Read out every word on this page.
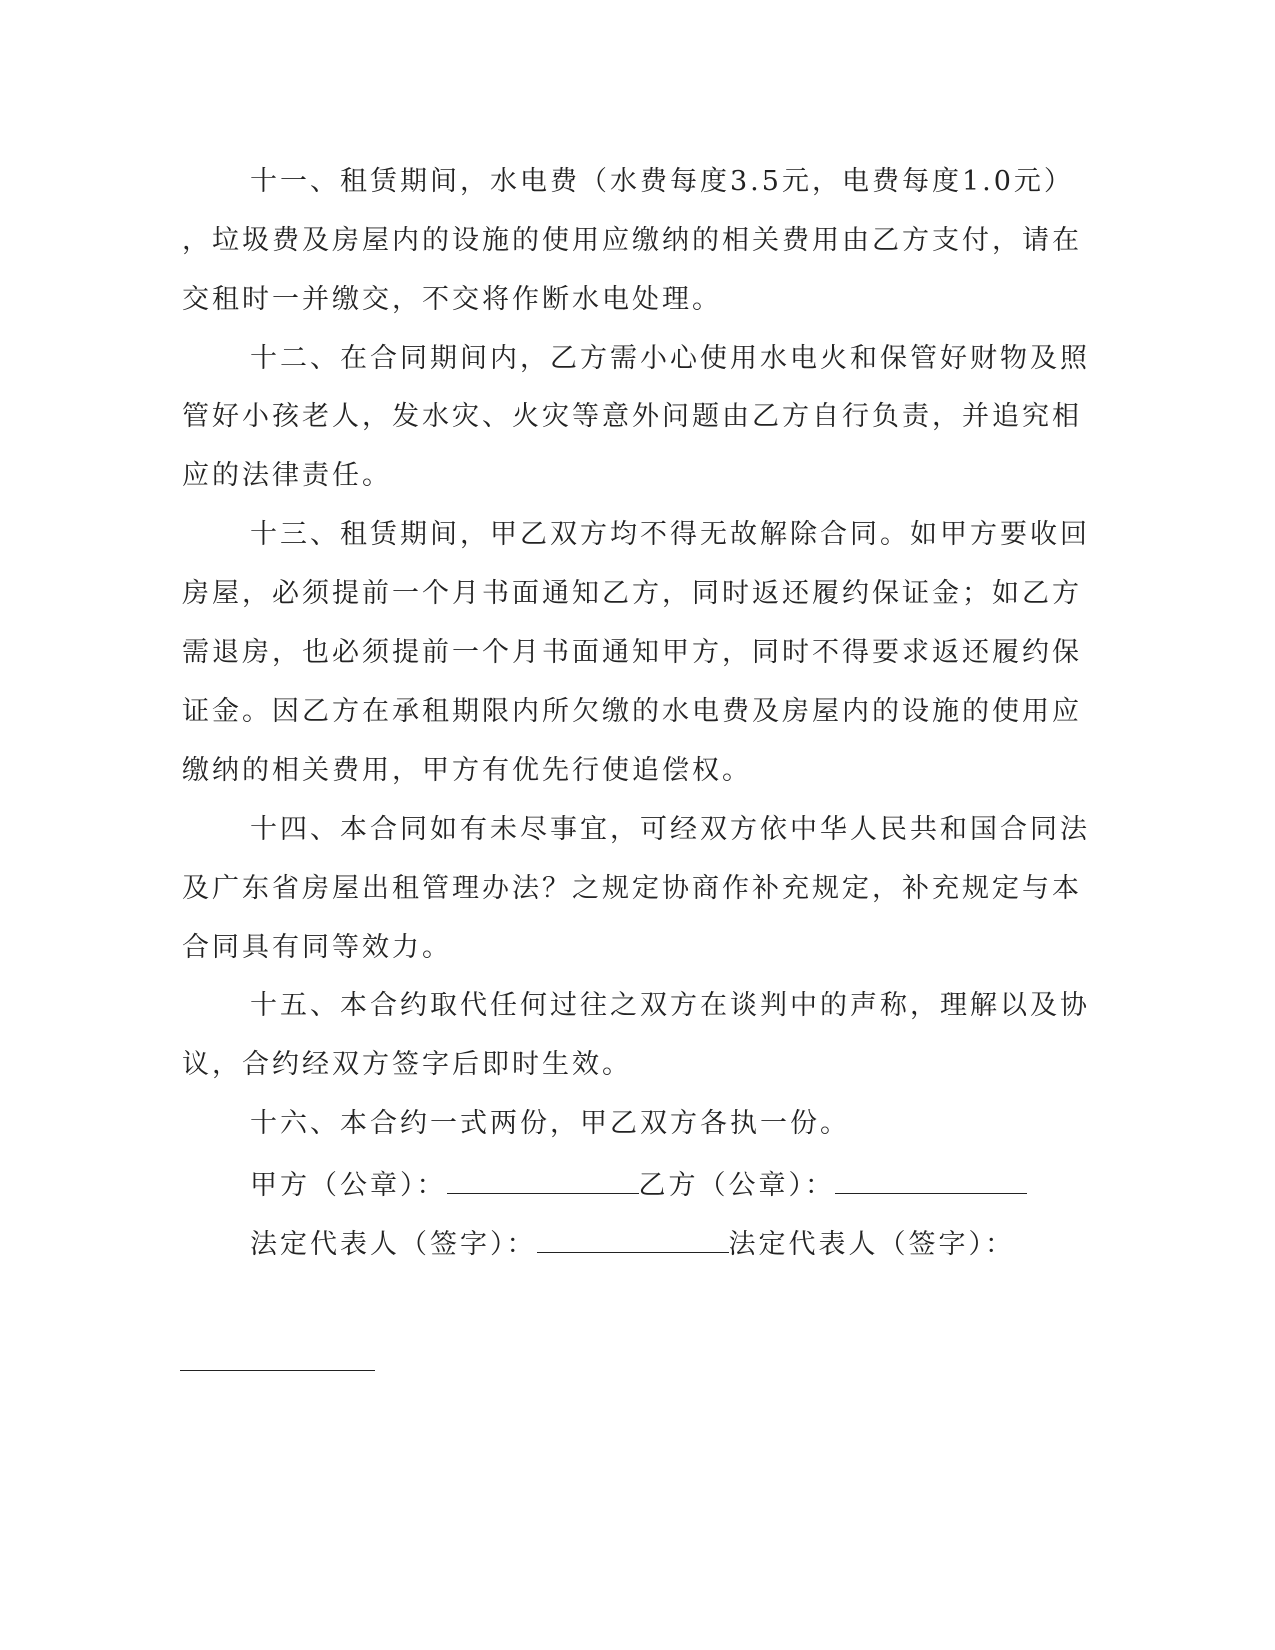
十一、租赁期间，水电费（水费每度3.5元，电费每度1.0元）

，垃圾费及房屋内的设施的使用应缴纳的相关费用由乙方支付，请在

交租时一并缴交，不交将作断水电处理。

十二、在合同期间内，乙方需小心使用水电火和保管好财物及照

管好小孩老人，发水灾、火灾等意外问题由乙方自行负责，并追究相

应的法律责任。

十三、租赁期间，甲乙双方均不得无故解除合同。如甲方要收回

房屋，必须提前一个月书面通知乙方，同时返还履约保证金；如乙方

需退房，也必须提前一个月书面通知甲方，同时不得要求返还履约保

证金。因乙方在承租期限内所欠缴的水电费及房屋内的设施的使用应

缴纳的相关费用，甲方有优先行使追偿权。

十四、本合同如有未尽事宜，可经双方依中华人民共和国合同法

及广东省房屋出租管理办法？之规定协商作补充规定，补充规定与本

合同具有同等效力。

十五、本合约取代任何过往之双方在谈判中的声称，理解以及协

议，合约经双方签字后即时生效。

十六、本合约一式两份，甲乙双方各执一份。

甲方（公章）：	乙方（公章）：

法定代表人（签字）：	法定代表人（签字）：
